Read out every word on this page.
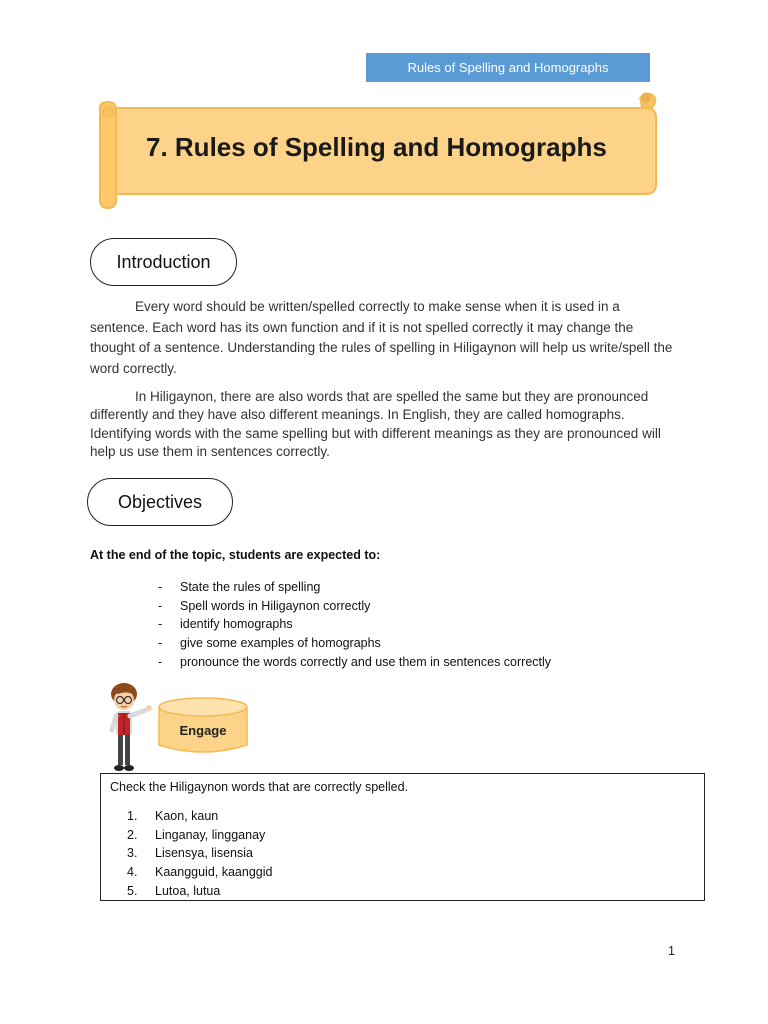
Rules of Spelling and Homographs
7. Rules of Spelling and Homographs
Introduction

Every word should be written/spelled correctly to make sense when it is used in a sentence. Each word has its own function and if it is not spelled correctly it may change the thought of a sentence. Understanding the rules of spelling in Hiligaynon will help us write/spell the word correctly.

In Hiligaynon, there are also words that are spelled the same but they are pronounced differently and they have also different meanings. In English, they are called homographs. Identifying words with the same spelling but with different meanings as they are pronounced will help us use them in sentences correctly.

Objectives
At the end of the topic, students are expected to:
-	State the rules of spelling
-	Spell words in Hiligaynon correctly
-	identify homographs
-	give some examples of homographs
-	pronounce the words correctly and use them in sentences correctly
Engage
Check the Hiligaynon words that are correctly spelled.
1.	Kaon, kaun
2.	Linganay, lingganay
3.	Lisensya, lisensia
4.	Kaangguid, kaanggid
5.	Lutoa, lutua
1
